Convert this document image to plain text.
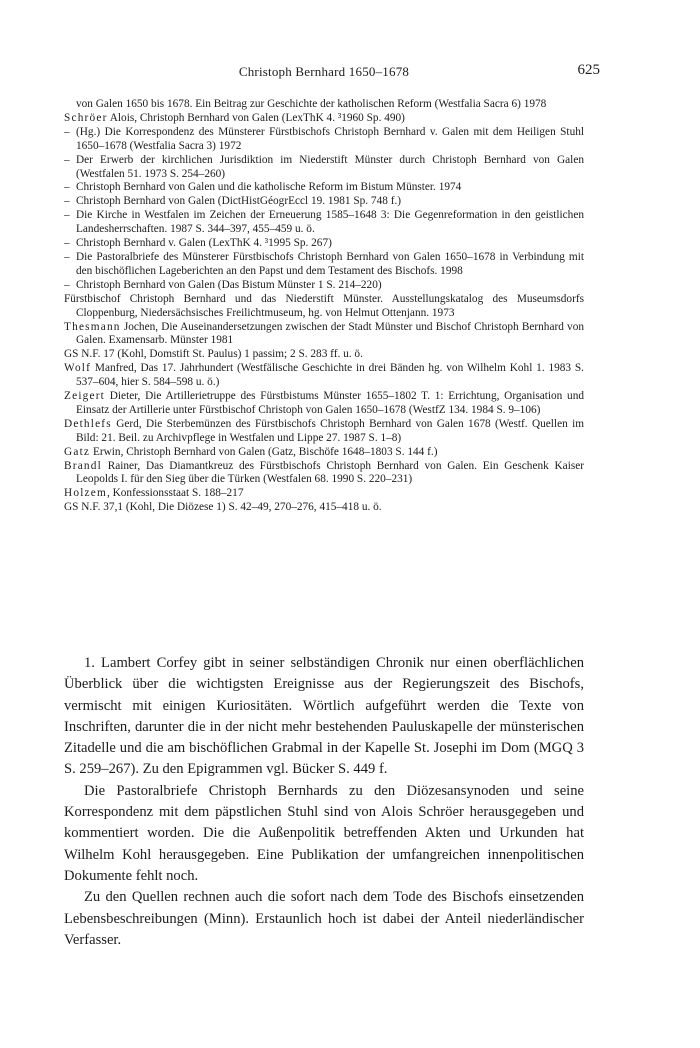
Christoph Bernhard 1650–1678	625

von Galen 1650 bis 1678. Ein Beitrag zur Geschichte der katholischen Reform (Westfalia Sacra 6) 1978

Schröer Alois, Christoph Bernhard von Galen (LexThK 4. ³1960 Sp. 490)

– (Hg.) Die Korrespondenz des Münsterer Fürstbischofs Christoph Bernhard v. Galen mit dem Heiligen Stuhl 1650–1678 (Westfalia Sacra 3) 1972

– Der Erwerb der kirchlichen Jurisdiktion im Niederstift Münster durch Christoph Bernhard von Galen (Westfalen 51. 1973 S. 254–260)

– Christoph Bernhard von Galen und die katholische Reform im Bistum Münster. 1974

– Christoph Bernhard von Galen (DictHistGéogrEccl 19. 1981 Sp. 748 f.)

– Die Kirche in Westfalen im Zeichen der Erneuerung 1585–1648 3: Die Gegenreformation in den geistlichen Landesherrschaften. 1987 S. 344–397, 455–459 u. ö.

– Christoph Bernhard v. Galen (LexThK 4. ³1995 Sp. 267)

– Die Pastoralbriefe des Münsterer Fürstbischofs Christoph Bernhard von Galen 1650–1678 in Verbindung mit den bischöflichen Lageberichten an den Papst und dem Testament des Bischofs. 1998

– Christoph Bernhard von Galen (Das Bistum Münster 1 S. 214–220)

Fürstbischof Christoph Bernhard und das Niederstift Münster. Ausstellungskatalog des Museumsdorfs Cloppenburg, Niedersächsisches Freilichtmuseum, hg. von Helmut Ottenjann. 1973

Thesmann Jochen, Die Auseinandersetzungen zwischen der Stadt Münster und Bischof Christoph Bernhard von Galen. Examensarb. Münster 1981

GS N.F. 17 (Kohl, Domstift St. Paulus) 1 passim; 2 S. 283 ff. u. ö.

Wolf Manfred, Das 17. Jahrhundert (Westfälische Geschichte in drei Bänden hg. von Wilhelm Kohl 1. 1983 S. 537–604, hier S. 584–598 u. ö.)

Zeigert Dieter, Die Artillerietruppe des Fürstbistums Münster 1655–1802 T. 1: Errichtung, Organisation und Einsatz der Artillerie unter Fürstbischof Christoph von Galen 1650–1678 (WestfZ 134. 1984 S. 9–106)

Dethlefs Gerd, Die Sterbemünzen des Fürstbischofs Christoph Bernhard von Galen 1678 (Westf. Quellen im Bild: 21. Beil. zu Archivpflege in Westfalen und Lippe 27. 1987 S. 1–8)

Gatz Erwin, Christoph Bernhard von Galen (Gatz, Bischöfe 1648–1803 S. 144 f.)

Brandl Rainer, Das Diamantkreuz des Fürstbischofs Christoph Bernhard von Galen. Ein Geschenk Kaiser Leopolds I. für den Sieg über die Türken (Westfalen 68. 1990 S. 220–231)

Holzem, Konfessionsstaat S. 188–217

GS N.F. 37,1 (Kohl, Die Diözese 1) S. 42–49, 270–276, 415–418 u. ö.

1. Lambert Corfey gibt in seiner selbständigen Chronik nur einen oberflächlichen Überblick über die wichtigsten Ereignisse aus der Regierungszeit des Bischofs, vermischt mit einigen Kuriositäten. Wörtlich aufgeführt werden die Texte von Inschriften, darunter die in der nicht mehr bestehenden Pauluskapelle der münsterischen Zitadelle und die am bischöflichen Grabmal in der Kapelle St. Josephi im Dom (MGQ 3 S. 259–267). Zu den Epigrammen vgl. Bücker S. 449 f.

Die Pastoralbriefe Christoph Bernhards zu den Diözesansynoden und seine Korrespondenz mit dem päpstlichen Stuhl sind von Alois Schröer herausgegeben und kommentiert worden. Die die Außenpolitik betreffenden Akten und Urkunden hat Wilhelm Kohl herausgegeben. Eine Publikation der umfangreichen innenpolitischen Dokumente fehlt noch.

Zu den Quellen rechnen auch die sofort nach dem Tode des Bischofs einsetzenden Lebensbeschreibungen (Minn). Erstaunlich hoch ist dabei der Anteil niederländischer Verfasser.
